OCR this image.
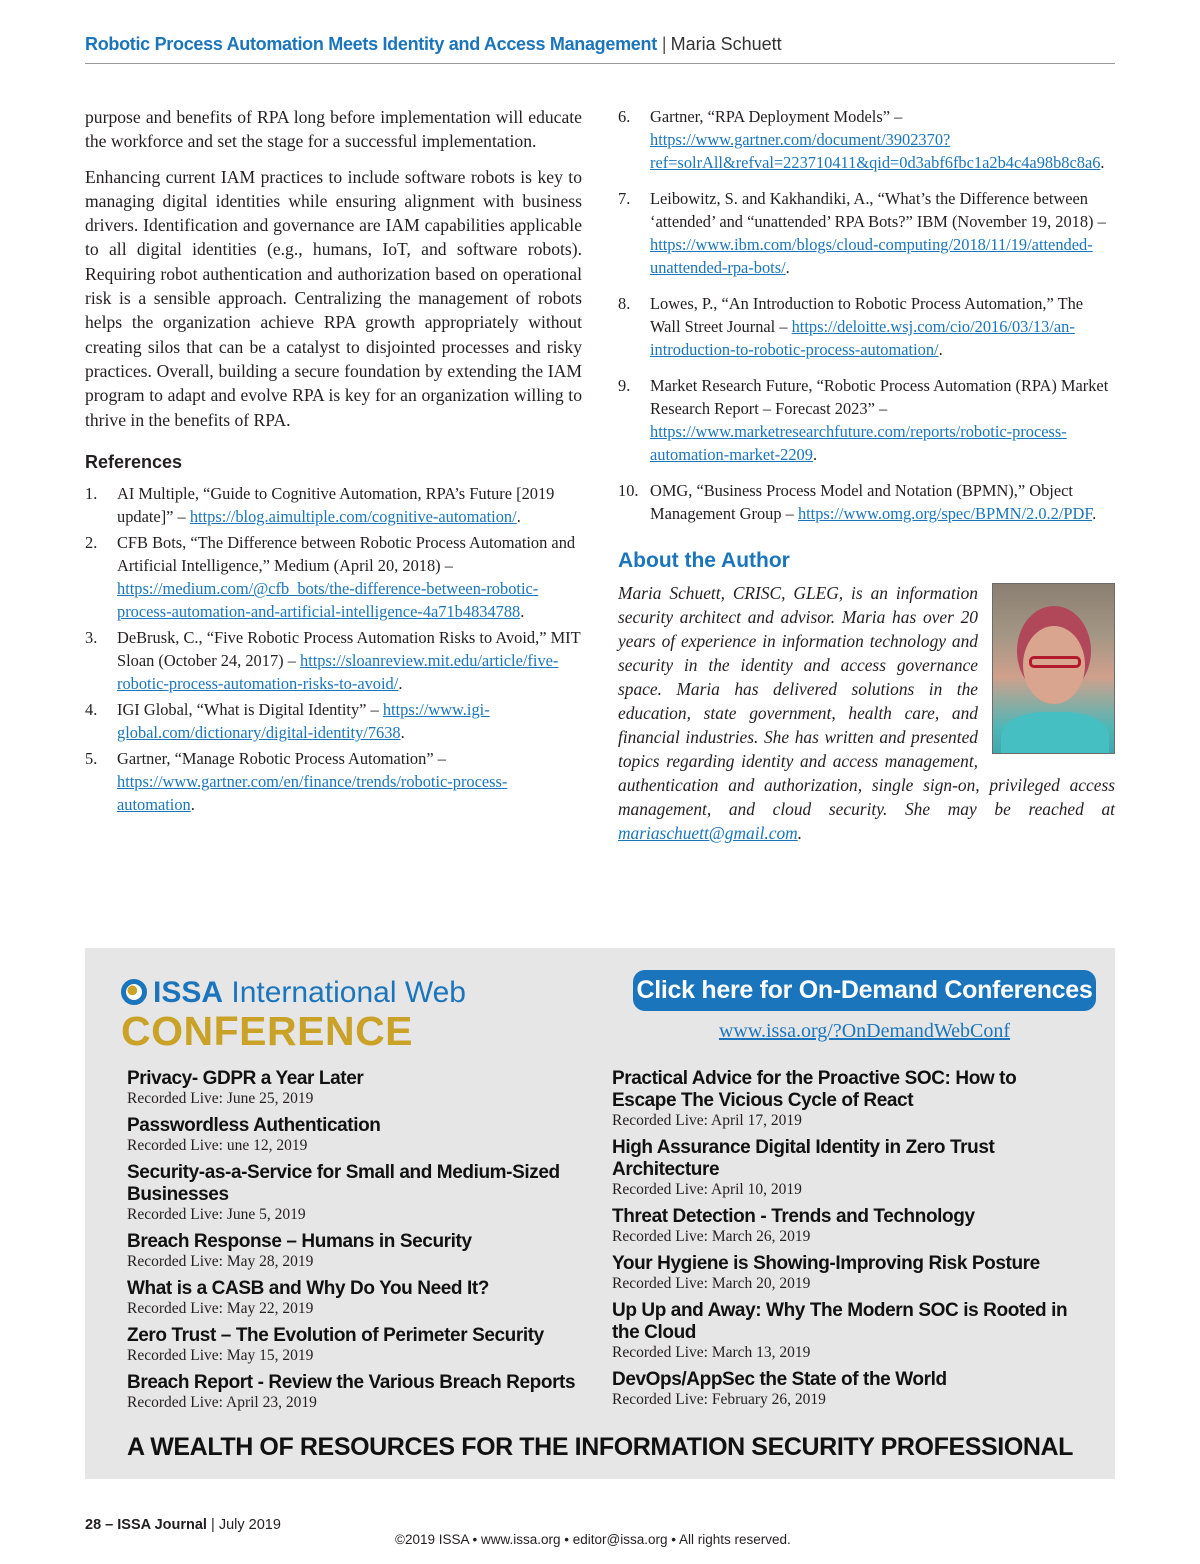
Robotic Process Automation Meets Identity and Access Management | Maria Schuett

purpose and benefits of RPA long before implementation will educate the workforce and set the stage for a successful implementation.

Enhancing current IAM practices to include software robots is key to managing digital identities while ensuring alignment with business drivers. Identification and governance are IAM capabilities applicable to all digital identities (e.g., humans, IoT, and software robots). Requiring robot authentication and authorization based on operational risk is a sensible approach. Centralizing the management of robots helps the organization achieve RPA growth appropriately without creating silos that can be a catalyst to disjointed processes and risky practices. Overall, building a secure foundation by extending the IAM program to adapt and evolve RPA is key for an organization willing to thrive in the benefits of RPA.

References
1. AI Multiple, “Guide to Cognitive Automation, RPA’s Future [2019 update]” – https://blog.aimultiple.com/cognitive-automation/.
2. CFB Bots, “The Difference between Robotic Process Automation and Artificial Intelligence,” Medium (April 20, 2018) – https://medium.com/@cfb_bots/the-difference-between-robotic-process-automation-and-artificial-intelligence-4a71b4834788.
3. DeBrusk, C., “Five Robotic Process Automation Risks to Avoid,” MIT Sloan (October 24, 2017) – https://sloanreview.mit.edu/article/five-robotic-process-automation-risks-to-avoid/.
4. IGI Global, “What is Digital Identity” – https://www.igi-global.com/dictionary/digital-identity/7638.
5. Gartner, “Manage Robotic Process Automation” – https://www.gartner.com/en/finance/trends/robotic-process-automation.
6. Gartner, “RPA Deployment Models” – https://www.gartner.com/document/3902370?ref=solrAll&refval=223710411&qid=0d3abf6fbc1a2b4c4a98b8c8a6.
7. Leibowitz, S. and Kakhandiki, A., “What’s the Difference between ‘attended’ and “unattended’ RPA Bots?” IBM (November 19, 2018) – https://www.ibm.com/blogs/cloud-computing/2018/11/19/attended-unattended-rpa-bots/.
8. Lowes, P., “An Introduction to Robotic Process Automation,” The Wall Street Journal – https://deloitte.wsj.com/cio/2016/03/13/an-introduction-to-robotic-process-automation/.
9. Market Research Future, “Robotic Process Automation (RPA) Market Research Report – Forecast 2023” – https://www.marketresearchfuture.com/reports/robotic-process-automation-market-2209.
10. OMG, “Business Process Model and Notation (BPMN),” Object Management Group – https://www.omg.org/spec/BPMN/2.0.2/PDF.
About the Author

Maria Schuett, CRISC, GLEG, is an information security architect and advisor. Maria has over 20 years of experience in information technology and security in the identity and access governance space. Maria has delivered solutions in the education, state government, health care, and financial industries. She has written and presented topics regarding identity and access management, authentication and authorization, single sign-on, privileged access management, and cloud security. She may be reached at mariaschuett@gmail.com.

ISSA International Web
CONFERENCE
Click here for On-Demand Conferences
www.issa.org/?OnDemandWebConf
Privacy- GDPR a Year Later
Recorded Live: June 25, 2019
Passwordless Authentication
Recorded Live: une 12, 2019
Security-as-a-Service for Small and Medium-Sized Businesses
Recorded Live: June 5, 2019
Breach Response – Humans in Security
Recorded Live: May 28, 2019
What is a CASB and Why Do You Need It?
Recorded Live: May 22, 2019
Zero Trust – The Evolution of Perimeter Security
Recorded Live: May 15, 2019
Breach Report - Review the Various Breach Reports
Recorded Live: April 23, 2019
Practical Advice for the Proactive SOC: How to Escape The Vicious Cycle of React
Recorded Live: April 17, 2019
High Assurance Digital Identity in Zero Trust Architecture
Recorded Live: April 10, 2019
Threat Detection - Trends and Technology
Recorded Live: March 26, 2019
Your Hygiene is Showing-Improving Risk Posture
Recorded Live: March 20, 2019
Up Up and Away: Why The Modern SOC is Rooted in the Cloud
Recorded Live: March 13, 2019
DevOps/AppSec the State of the World
Recorded Live: February 26, 2019
A WEALTH OF RESOURCES FOR THE INFORMATION SECURITY PROFESSIONAL
28 – ISSA Journal | July 2019
©2019 ISSA • www.issa.org • editor@issa.org • All rights reserved.
